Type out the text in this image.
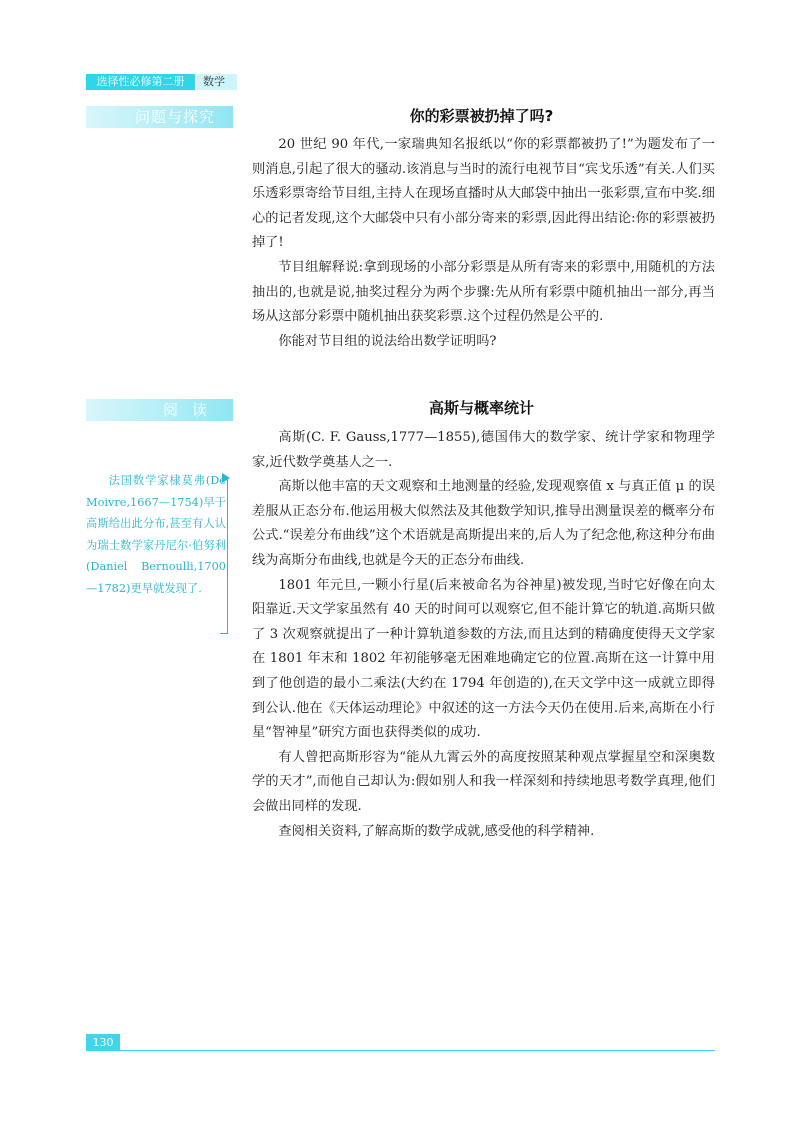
选择性必修第二册	数学
问题与探究	你的彩票被扔掉了吗?

20 世纪 90 年代,一家瑞典知名报纸以“你的彩票都被扔了!”为题发布了一则消息,引起了很大的骚动.该消息与当时的流行电视节目“宾戈乐透”有关.人们买乐透彩票寄给节目组,主持人在现场直播时从大邮袋中抽出一张彩票,宣布中奖.细心的记者发现,这个大邮袋中只有小部分寄来的彩票,因此得出结论:你的彩票被扔掉了!

节目组解释说:拿到现场的小部分彩票是从所有寄来的彩票中,用随机的方法抽出的,也就是说,抽奖过程分为两个步骤:先从所有彩票中随机抽出一部分,再当场从这部分彩票中随机抽出获奖彩票.这个过程仍然是公平的.

你能对节目组的说法给出数学证明吗?

阅读	高斯与概率统计

高斯(C. F. Gauss,1777—1855),德国伟大的数学家、统计学家和物理学家,近代数学奠基人之一.

高斯以他丰富的天文观察和土地测量的经验,发现观察值 x 与真正值 μ 的误差服从正态分布.他运用极大似然法及其他数学知识,推导出测量误差的概率分布公式.“误差分布曲线”这个术语就是高斯提出来的,后人为了纪念他,称这种分布曲线为高斯分布曲线,也就是今天的正态分布曲线.

1801 年元旦,一颗小行星(后来被命名为谷神星)被发现,当时它好像在向太阳靠近.天文学家虽然有 40 天的时间可以观察它,但不能计算它的轨道.高斯只做了 3 次观察就提出了一种计算轨道参数的方法,而且达到的精确度使得天文学家在 1801 年末和 1802 年初能够毫无困难地确定它的位置.高斯在这一计算中用到了他创造的最小二乘法(大约在 1794 年创造的),在天文学中这一成就立即得到公认.他在《天体运动理论》中叙述的这一方法今天仍在使用.后来,高斯在小行星“智神星”研究方面也获得类似的成功.

有人曾把高斯形容为“能从九霄云外的高度按照某种观点掌握星空和深奥数学的天才”,而他自己却认为:假如别人和我一样深刻和持续地思考数学真理,他们会做出同样的发现.

查阅相关资料,了解高斯的数学成就,感受他的科学精神.

法国数学家棣莫弗(De Moivre,1667—1754)早于高斯给出此分布,甚至有人认为瑞士数学家丹尼尔·伯努利(Daniel Bernoulli,1700—1782)更早就发现了.

130
